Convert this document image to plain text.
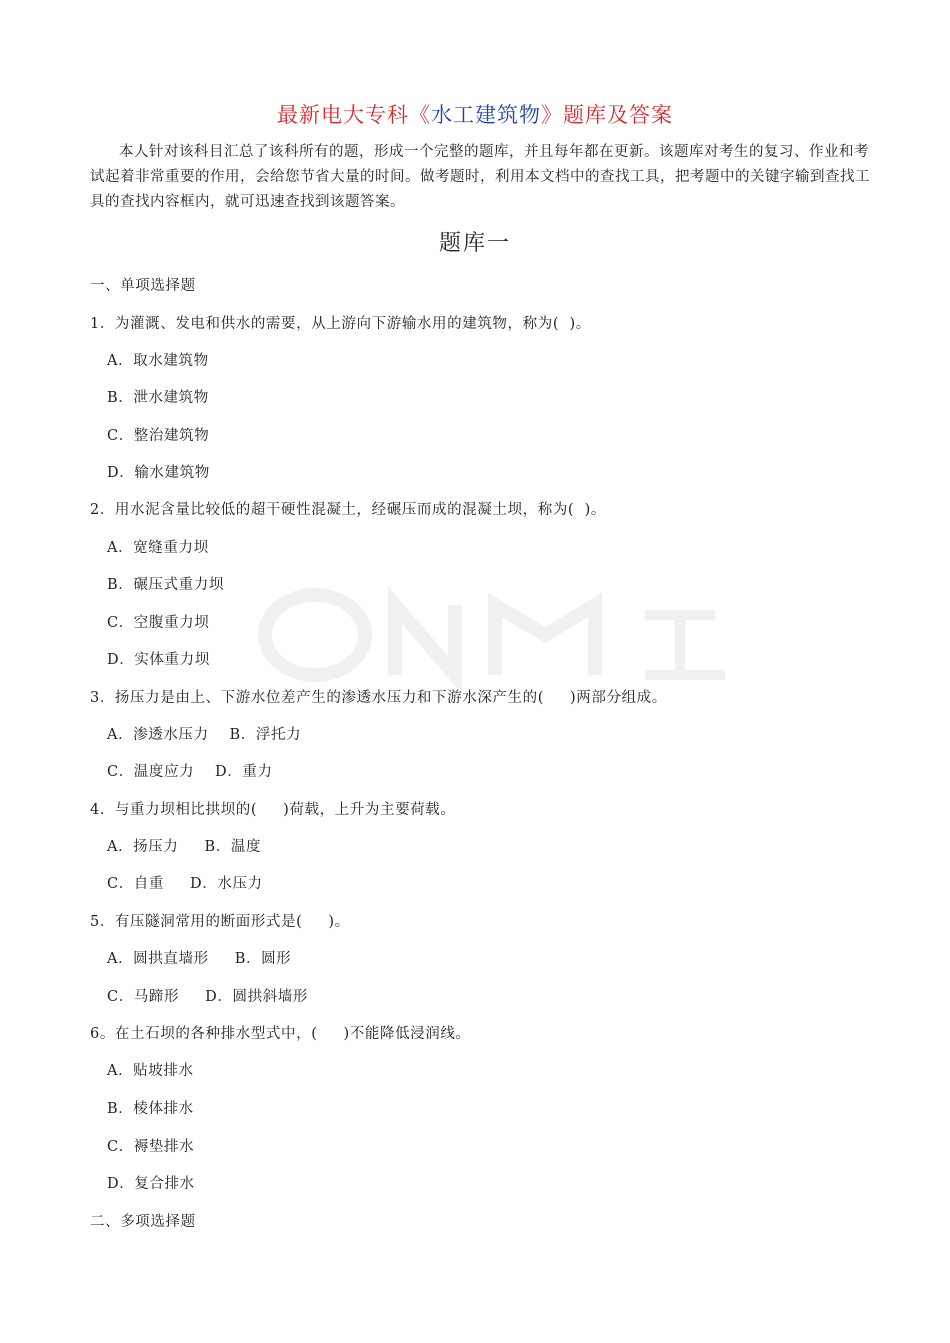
最新电大专科《水工建筑物》题库及答案

本人针对该科目汇总了该科所有的题，形成一个完整的题库，并且每年都在更新。该题库对考生的复习、作业和考试起着非常重要的作用，会给您节省大量的时间。做考题时，利用本文档中的查找工具，把考题中的关键字输到查找工具的查找内容框内，就可迅速查找到该题答案。

题库一
一、单项选择题
1．为灌溉、发电和供水的需要，从上游向下游输水用的建筑物，称为(  )。
A．取水建筑物
B．泄水建筑物
C．整治建筑物
D．输水建筑物
2．用水泥含量比较低的超干硬性混凝土，经碾压而成的混凝土坝，称为(  )。
A．宽缝重力坝
B．碾压式重力坝
C．空腹重力坝
D．实体重力坝
3．扬压力是由上、下游水位差产生的渗透水压力和下游水深产生的(     )两部分组成。
A．渗透水压力    B．浮托力
C．温度应力    D．重力
4．与重力坝相比拱坝的(     )荷载，上升为主要荷载。
A．扬压力     B．温度
C．自重     D．水压力
5．有压隧洞常用的断面形式是(     )。
A．圆拱直墙形     B．圆形
C．马蹄形     D．圆拱斜墙形
6。在土石坝的各种排水型式中，(     )不能降低浸润线。
A．贴坡排水
B．棱体排水
C．褥垫排水
D．复合排水
二、多项选择题
